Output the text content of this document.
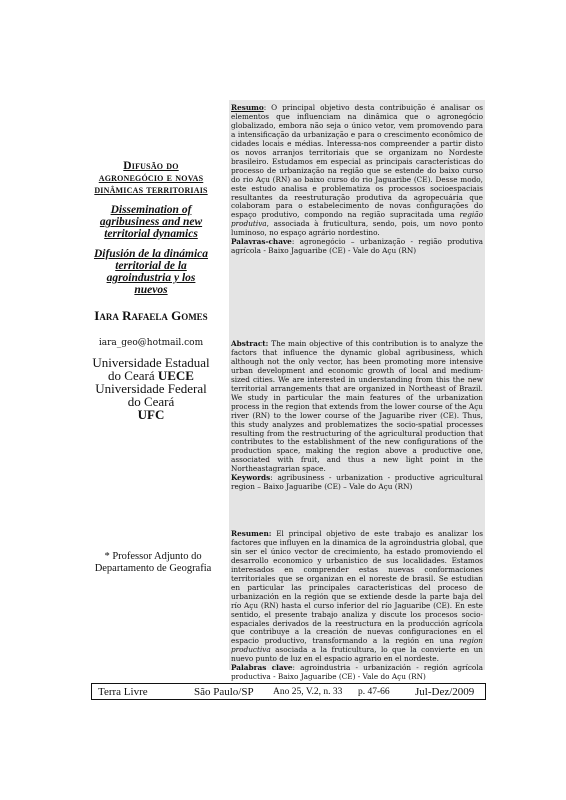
Difusão do agronegócio e novas dinâmicas territoriais
Dissemination of agribusiness and new territorial dynamics
Difusión de la dinámica territorial de la agroindustria y los nuevos
Iara Rafaela Gomes
iara_geo@hotmail.com
Universidade Estadual do Ceará UECE
Universidade Federal do Ceará
UFC
* Professor Adjunto do Departamento de Geografia
Resumo: O principal objetivo desta contribuição é analisar os elementos que influenciam na dinâmica que o agronegócio globalizado, embora não seja o único vetor, vem promovendo para a intensificação da urbanização e para o crescimento econômico de cidades locais e médias. Interessa-nos compreender a partir disto os novos arranjos territoriais que se organizam no Nordeste brasileiro. Estudamos em especial as principais características do processo de urbanização na região que se estende do baixo curso do rio Açu (RN) ao baixo curso do rio Jaguaribe (CE). Desse modo, este estudo analisa e problematiza os processos socioespaciais resultantes da reestruturação produtiva da agropecuária que colaboram para o estabelecimento de novas configurações do espaço produtivo, compondo na região supracitada uma região produtiva, associada à fruticultura, sendo, pois, um novo ponto luminoso, no espaço agrário nordestino.
Palavras-chave: agronegócio – urbanização - região produtiva agrícola - Baixo Jaguaribe (CE) - Vale do Açu (RN)
Abstract: The main objective of this contribution is to analyze the factors that influence the dynamic global agribusiness, which although not the only vector, has been promoting more intensive urban development and economic growth of local and medium-sized cities. We are interested in understanding from this the new territorial arrangements that are organized in Northeast of Brazil. We study in particular the main features of the urbanization process in the region that extends from the lower course of the Açu river (RN) to the lower course of the Jaguaribe river (CE). Thus, this study analyzes and problematizes the socio-spatial processes resulting from the restructuring of the agricultural production that contributes to the establishment of the new configurations of the production space, making the region above a productive one, associated with fruit, and thus a new light point in the Northeastagrarian space.
Keywords: agribusiness - urbanization - productive agricultural region – Baixo Jaguaribe (CE) – Vale do Açu (RN)
Resumen: El principal objetivo de este trabajo es analizar los factores que influyen en la dinamica de la agroindustria global, que sin ser el único vector de crecimiento, ha estado promoviendo el desarrollo economico y urbanistico de sus localidades. Estamos interesados en comprender estas nuevas conformaciones territoriales que se organizan en el noreste de brasil. Se estudian en particular las principales caracteristicas del proceso de urbanización en la región que se extiende desde la parte baja del río Açu (RN) hasta el curso inferior del río Jaguaribe (CE). En este sentido, el presente trabajo analiza y discute los procesos socio-espaciales derivados de la reestructura en la producción agrícola que contribuye a la creación de nuevas configuraciones en el espacio productivo, transformando a la región en una region productiva asociada a la fruticultura, lo que la convierte en un nuevo punto de luz en el espacio agrario en el nordeste.
Palabras clave: agroindustria - urbanización - región agrícola productiva - Baixo Jaguaribe (CE) - Vale do Açu (RN)
Terra Livre	São Paulo/SP Ano 25, V.2, n. 33 p. 47-66 Jul-Dez/2009
